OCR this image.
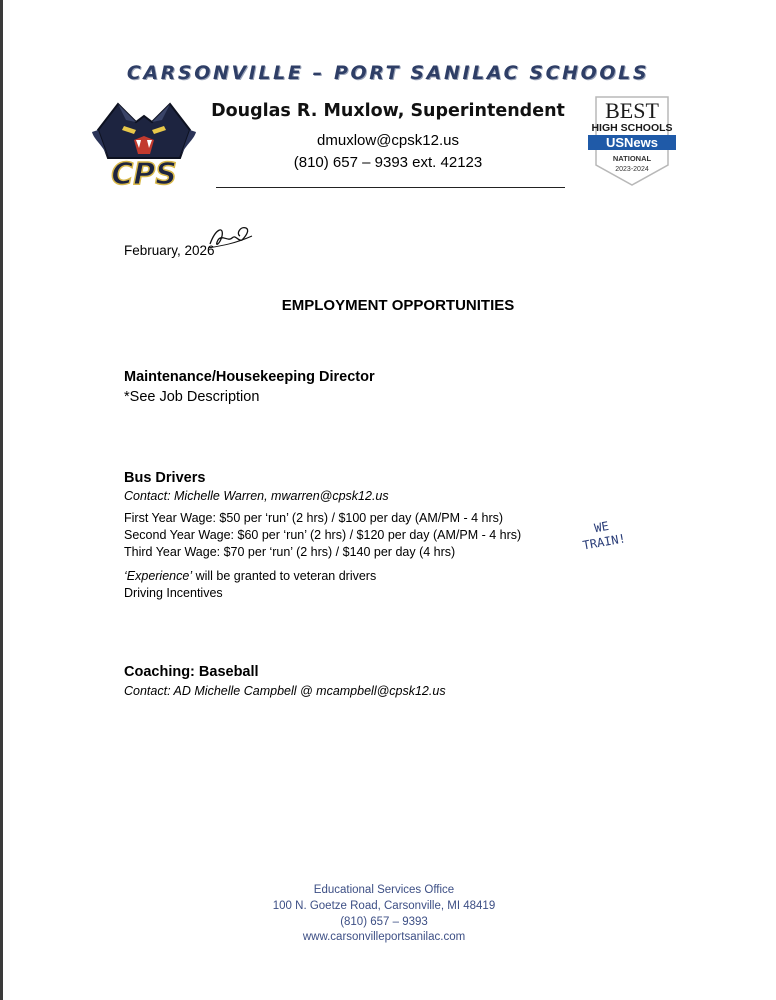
CARSONVILLE – PORT SANILAC SCHOOLS
CPS
Douglas R. Muxlow, Superintendent
dmuxlow@cpsk12.us
(810) 657 – 9393 ext. 42123
BEST
HIGH SCHOOLS
USNews
NATIONAL
2023-2024
February, 2026
EMPLOYMENT OPPORTUNITIES
Maintenance/Housekeeping Director
*See Job Description
Bus Drivers
Contact: Michelle Warren, mwarren@cpsk12.us
First Year Wage: $50 per ‘run’ (2 hrs) / $100 per day (AM/PM - 4 hrs)
Second Year Wage: $60 per ‘run’ (2 hrs) / $120 per day (AM/PM - 4 hrs)
Third Year Wage: $70 per ‘run’ (2 hrs) / $140 per day (4 hrs)
‘Experience’ will be granted to veteran drivers
Driving Incentives
WE
TRAIN!
Coaching: Baseball
Contact: AD Michelle Campbell @ mcampbell@cpsk12.us
Educational Services Office
100 N. Goetze Road, Carsonville, MI 48419
(810) 657 – 9393
www.carsonvilleportsanilac.com
